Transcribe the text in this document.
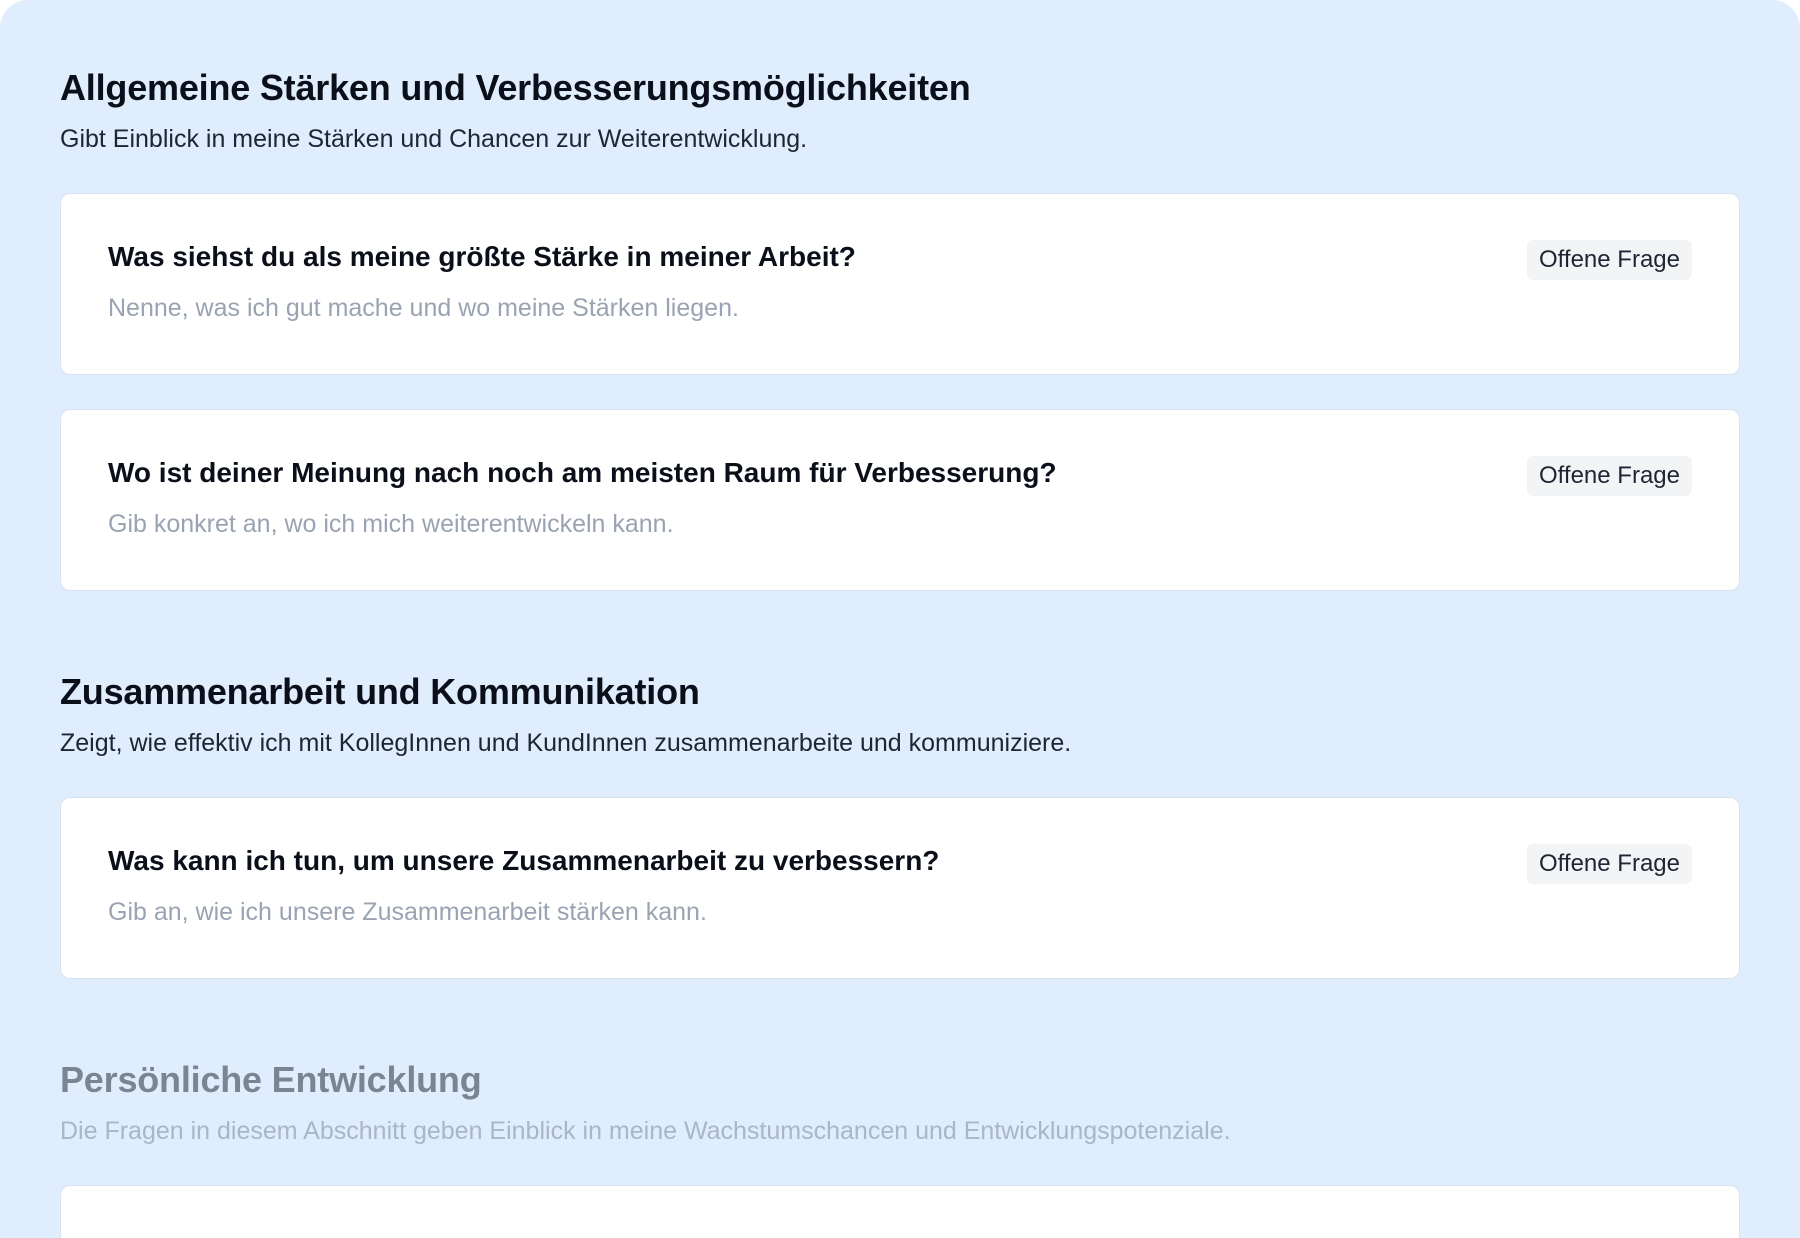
Allgemeine Stärken und Verbesserungsmöglichkeiten

Gibt Einblick in meine Stärken und Chancen zur Weiterentwicklung.

Was siehst du als meine größte Stärke in meiner Arbeit?

Nenne, was ich gut mache und wo meine Stärken liegen.

Offene Frage

Wo ist deiner Meinung nach noch am meisten Raum für Verbesserung?

Gib konkret an, wo ich mich weiterentwickeln kann.

Offene Frage
Zusammenarbeit und Kommunikation

Zeigt, wie effektiv ich mit KollegInnen und KundInnen zusammenarbeite und kommuniziere.

Was kann ich tun, um unsere Zusammenarbeit zu verbessern?

Gib an, wie ich unsere Zusammenarbeit stärken kann.

Offene Frage
Persönliche Entwicklung

Die Fragen in diesem Abschnitt geben Einblick in meine Wachstumschancen und Entwicklungspotenziale.
